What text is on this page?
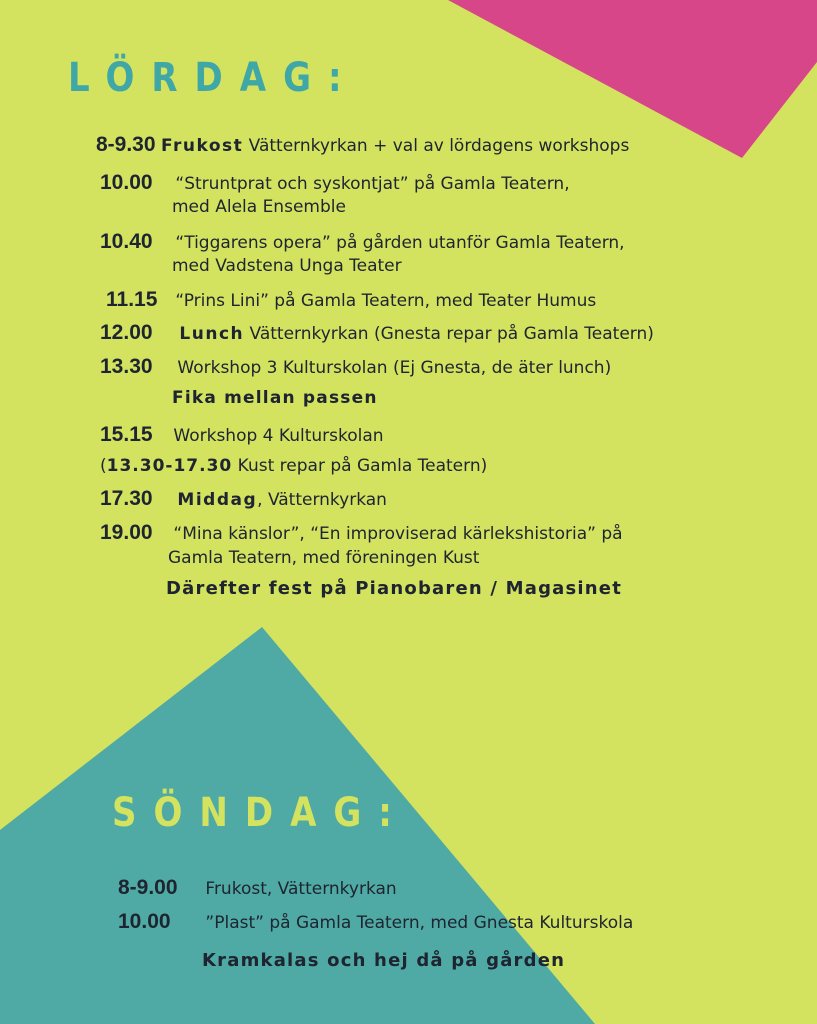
LÖRDAG:
8-9.30 Frukost Vätternkyrkan + val av lördagens workshops
10.00 “Struntprat och syskontjat” på Gamla Teatern,
med Alela Ensemble
10.40 “Tiggarens opera” på gården utanför Gamla Teatern,
med Vadstena Unga Teater
11.15 “Prins Lini” på Gamla Teatern, med Teater Humus
12.00 Lunch Vätternkyrkan (Gnesta repar på Gamla Teatern)
13.30 Workshop 3 Kulturskolan (Ej Gnesta, de äter lunch)
Fika mellan passen
15.15 Workshop 4 Kulturskolan
(13.30-17.30 Kust repar på Gamla Teatern)
17.30 Middag, Vätternkyrkan
19.00 “Mina känslor”, “En improviserad kärlekshistoria” på
Gamla Teatern, med föreningen Kust
Därefter fest på Pianobaren / Magasinet
SÖNDAG:
8-9.00 Frukost, Vätternkyrkan
10.00 ”Plast” på Gamla Teatern, med Gnesta Kulturskola
Kramkalas och hej då på gården
